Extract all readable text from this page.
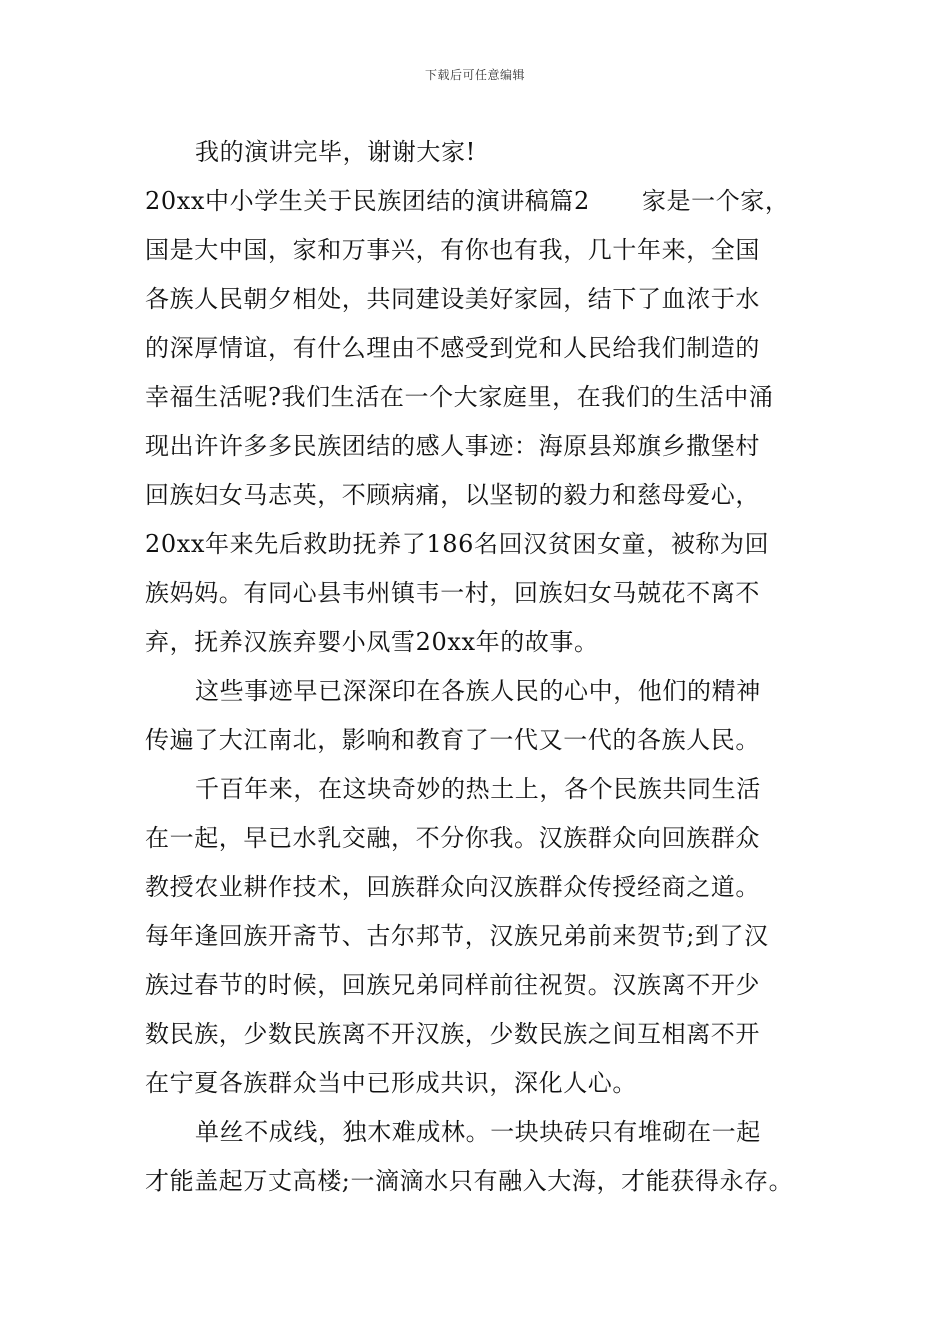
下载后可任意编辑
我的演讲完毕，谢谢大家!
20xx中小学生关于民族团结的演讲稿篇2 家是一个家，
国是大中国，家和万事兴，有你也有我，几十年来，全国
各族人民朝夕相处，共同建设美好家园，结下了血浓于水
的深厚情谊，有什么理由不感受到党和人民给我们制造的
幸福生活呢?我们生活在一个大家庭里，在我们的生活中涌
现出许许多多民族团结的感人事迹：海原县郑旗乡撒堡村
回族妇女马志英，不顾病痛，以坚韧的毅力和慈母爱心，
20xx年来先后救助抚养了186名回汉贫困女童，被称为回
族妈妈。有同心县韦州镇韦一村，回族妇女马兢花不离不
弃，抚养汉族弃婴小凤雪20xx年的故事。
这些事迹早已深深印在各族人民的心中，他们的精神
传遍了大江南北，影响和教育了一代又一代的各族人民。
千百年来，在这块奇妙的热土上，各个民族共同生活
在一起，早已水乳交融，不分你我。汉族群众向回族群众
教授农业耕作技术，回族群众向汉族群众传授经商之道。
每年逢回族开斋节、古尔邦节，汉族兄弟前来贺节;到了汉
族过春节的时候，回族兄弟同样前往祝贺。汉族离不开少
数民族，少数民族离不开汉族，少数民族之间互相离不开
在宁夏各族群众当中已形成共识，深化人心。
单丝不成线，独木难成林。一块块砖只有堆砌在一起
才能盖起万丈高楼;一滴滴水只有融入大海，才能获得永存。
